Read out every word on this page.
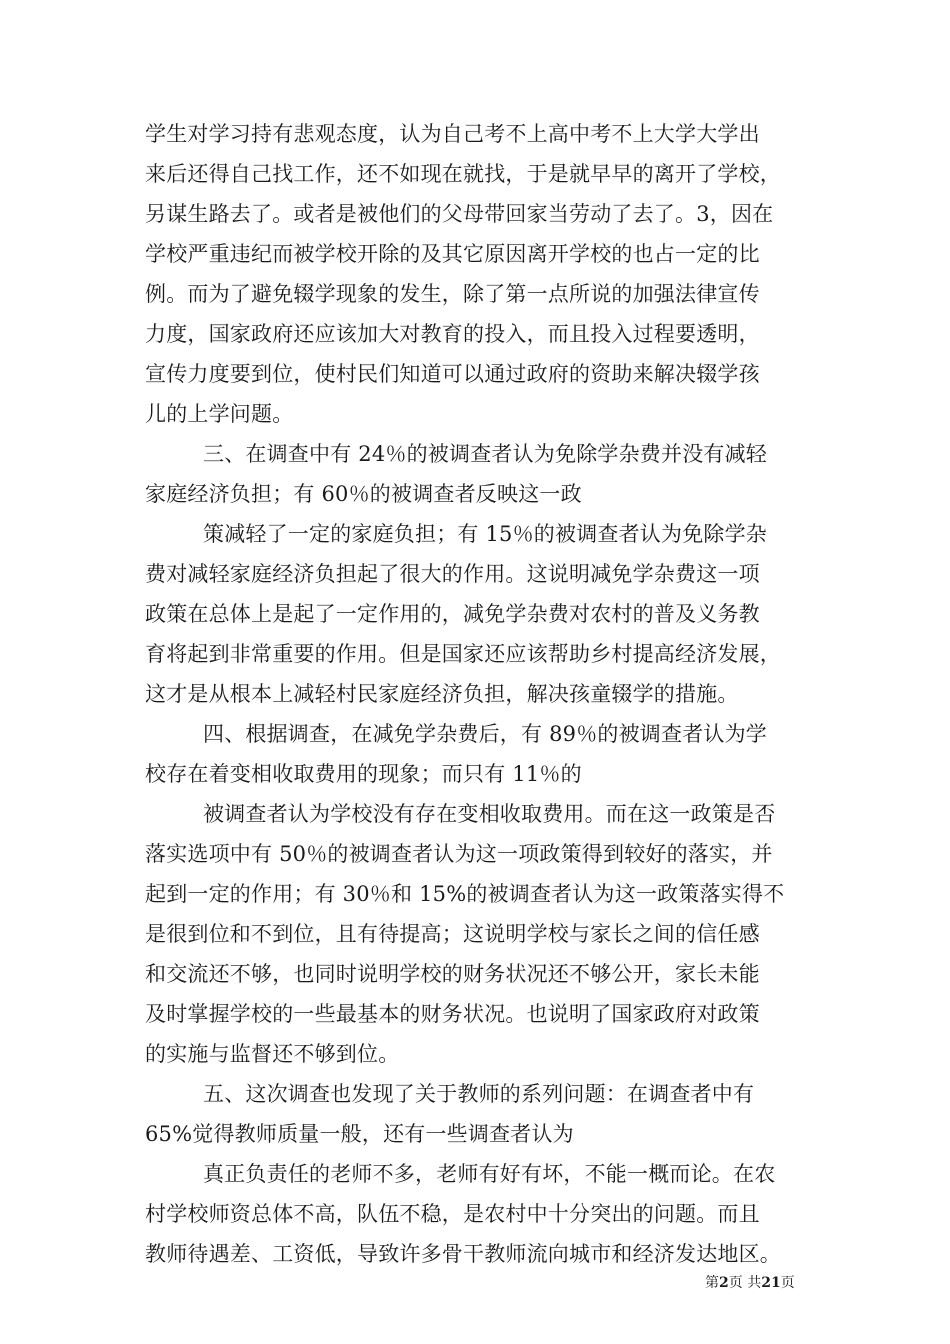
学生对学习持有悲观态度，认为自己考不上高中考不上大学大学出
来后还得自己找工作，还不如现在就找，于是就早早的离开了学校，
另谋生路去了。或者是被他们的父母带回家当劳动了去了。3，因在
学校严重违纪而被学校开除的及其它原因离开学校的也占一定的比
例。而为了避免辍学现象的发生，除了第一点所说的加强法律宣传
力度，国家政府还应该加大对教育的投入，而且投入过程要透明，
宣传力度要到位，使村民们知道可以通过政府的资助来解决辍学孩
儿的上学问题。
三、在调查中有 24％的被调查者认为免除学杂费并没有减轻
家庭经济负担；有 60％的被调查者反映这一政
策减轻了一定的家庭负担；有 15％的被调查者认为免除学杂
费对减轻家庭经济负担起了很大的作用。这说明减免学杂费这一项
政策在总体上是起了一定作用的，减免学杂费对农村的普及义务教
育将起到非常重要的作用。但是国家还应该帮助乡村提高经济发展，
这才是从根本上减轻村民家庭经济负担，解决孩童辍学的措施。
四、根据调查，在减免学杂费后，有 89％的被调查者认为学
校存在着变相收取费用的现象；而只有 11％的
被调查者认为学校没有存在变相收取费用。而在这一政策是否
落实选项中有 50％的被调查者认为这一项政策得到较好的落实，并
起到一定的作用；有 30％和 15%的被调查者认为这一政策落实得不
是很到位和不到位，且有待提高；这说明学校与家长之间的信任感
和交流还不够，也同时说明学校的财务状况还不够公开，家长未能
及时掌握学校的一些最基本的财务状况。也说明了国家政府对政策
的实施与监督还不够到位。
五、这次调查也发现了关于教师的系列问题：在调查者中有
65%觉得教师质量一般，还有一些调查者认为
真正负责任的老师不多，老师有好有坏，不能一概而论。在农
村学校师资总体不高，队伍不稳，是农村中十分突出的问题。而且
教师待遇差、工资低，导致许多骨干教师流向城市和经济发达地区。
第2页 共21页
